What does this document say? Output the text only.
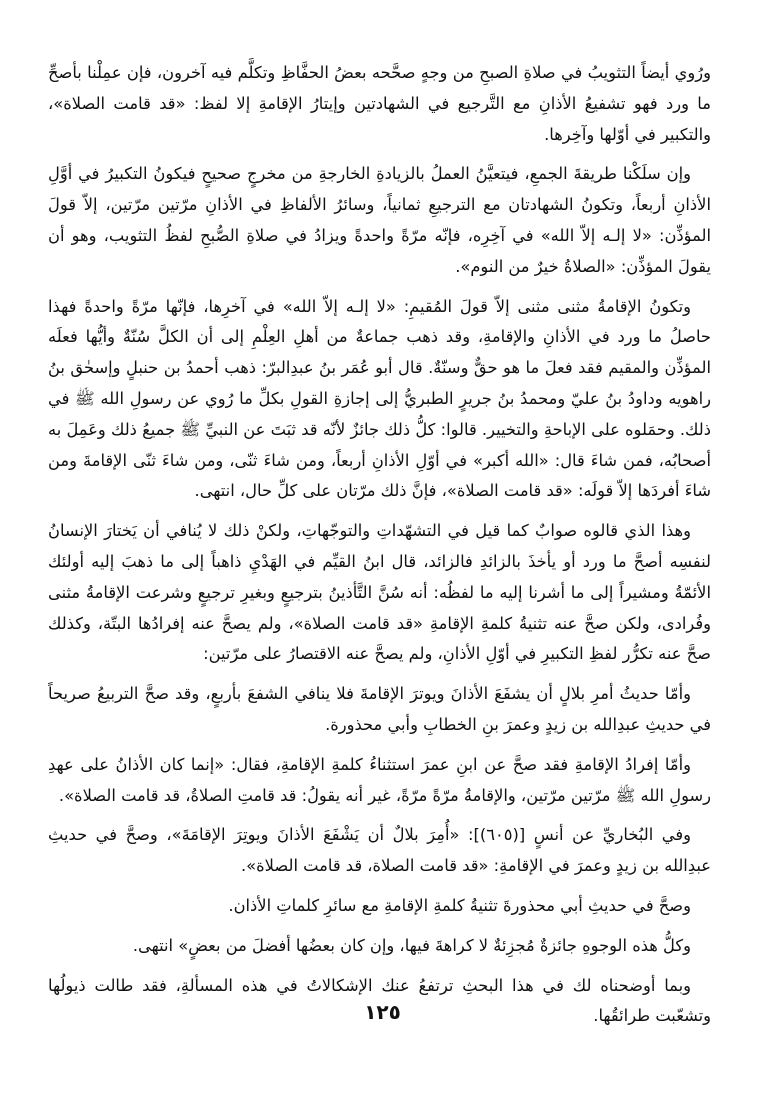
ورُوي أيضاً التثويبُ في صلاةِ الصبحِ من وجهٍ صحَّحه بعضُ الحفَّاظِ وتكلَّم فيه آخرون، فإن عمِلْنا بأصحِّ ما ورد فهو تشفيعُ الأذانِ مع التَّرجيع في الشهادتين وإيتارُ الإقامةِ إلا لفظ: «قد قامت الصلاة»، والتكبير في أوّلها وآخِرها.

وإن سلَكْنا طريقةَ الجمعِ، فيتعيَّنُ العملُ بالزيادةِ الخارجةِ من مخرجٍ صحيحٍ فيكونُ التكبيرُ في أوَّلِ الأذانِ أربعاً، وتكونُ الشهادتان مع الترجيعِ ثمانياً، وسائرُ الألفاظِ في الأذانِ مرّتين مرّتين، إلاّ قولَ المؤذِّن: «لا إلـه إلاّ الله» في آخِرِه، فإنّه مرّةً واحدةً ويزادُ في صلاةِ الصُّبحِ لفظُ التثويب، وهو أن يقولَ المؤذِّن: «الصلاةُ خيرٌ من النوم».

وتكونُ الإقامةُ مثنى مثنى إلاّ قولَ المُقيمِ: «لا إلـه إلاّ الله» في آخرِها، فإنّها مرّةً واحدةً فهذا حاصلُ ما ورد في الأذانِ والإقامةِ، وقد ذهب جماعةٌ من أهلِ العِلْمِ إلى أن الكلَّ سُنّةٌ وأيُّها فعلَه المؤذِّن والمقيم فقد فعلَ ما هو حقٌّ وسنّةٌ. قال أبو عُمَر بنُ عبدِالبرّ: ذهب أحمدُ بن حنبلٍ وإسحٰق بنُ راهويه وداودُ بنُ عليّ ومحمدُ بنُ جريرٍ الطبريُّ إلى إجازةِ القولِ بكلِّ ما رُوي عن رسولِ الله ﷺ في ذلك. وحمَلوه على الإباحةِ والتخيير. قالوا: كلُّ ذلك جائزٌ لأنّه قد ثبَتَ عن النبيِّ ﷺ جميعُ ذلك وعَمِلَ به أصحابُه، فمن شاءَ قال: «الله أكبر» في أوّلِ الأذانِ أربعاً، ومن شاءَ ثنّى، ومن شاءَ ثنّى الإقامةَ ومن شاءَ أفردَها إلاّ قولَه: «قد قامت الصلاة»، فإنَّ ذلك مرّتان على كلِّ حال، انتهى.

وهذا الذي قالوه صوابٌ كما قيل في التشهّداتِ والتوجّهاتِ، ولكنْ ذلك لا يُنافي أن يَختارَ الإنسانُ لنفسِه أصحَّ ما ورد أو يأخذَ بالزائدِ فالزائد، قال ابنُ القيِّم في الهَدْيِ ذاهباً إلى ما ذهبَ إليه أولئك الأئمّةُ ومشيراً إلى ما أشرنا إليه ما لفظُه: أنه سُنَّ التَّأذينُ بترجيعٍ وبغيرِ ترجيعٍ وشرعت الإقامةُ مثنى وفُرادى، ولكن صحَّ عنه تثنيةُ كلمةِ الإقامةِ «قد قامت الصلاة»، ولم يصحَّ عنه إفرادُها البتّة، وكذلك صحَّ عنه تكرُّر لفظِ التكبيرِ في أوّلِ الأذانِ، ولم يصحَّ عنه الاقتصارُ على مرّتين:

وأمّا حديثُ أمرِ بلالٍ أن يشفَعَ الأذانَ ويوترَ الإقامةَ فلا ينافي الشفعَ بأربعٍ، وقد صحَّ التربيعُ صريحاً في حديثِ عبدِالله بن زيدٍ وعمرَ بنِ الخطابِ وأبي محذورة.

وأمّا إفرادُ الإقامةِ فقد صحَّ عن ابنِ عمرَ استثناءُ كلمةِ الإقامةِ، فقال: «إنما كان الأذانُ على عهدِ رسولِ الله ﷺ مرّتين مرّتين، والإقامةُ مرّةً مرّةً، غير أنه يقولُ: قد قامتِ الصلاةُ، قد قامت الصلاة».

وفي البُخاريِّ عن أنسٍ [(٦٠٥)]: «أُمِرَ بلالٌ أن يَشْفَعَ الأذانَ ويوتِرَ الإقامَةَ»، وصحَّ في حديثِ عبدِالله بن زيدٍ وعمرَ في الإقامةِ: «قد قامت الصلاة، قد قامت الصلاة».

وصحَّ في حديثِ أبي محذورةَ تثنيةُ كلمةِ الإقامةِ مع سائرِ كلماتِ الأذان.

وكلُّ هذه الوجوهِ جائزةٌ مُجزِئةٌ لا كراهةَ فيها، وإن كان بعضُها أفضلَ من بعضٍ» انتهى.

وبما أوضحناه لك في هذا البحثِ ترتفعُ عنك الإشكالاتُ في هذه المسألةِ، فقد طالت ذيولُها وتشعّبت طرائقُها.

١٢٥
